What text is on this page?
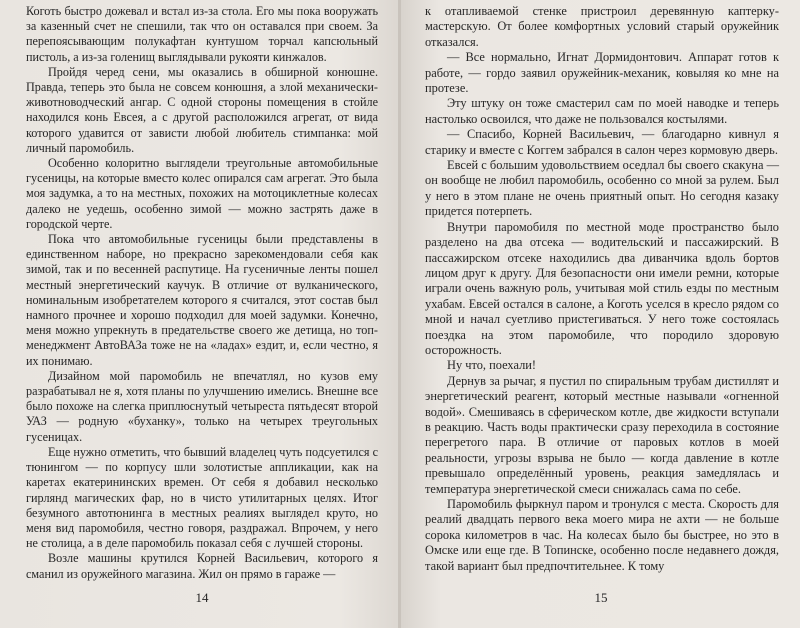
Коготь быстро дожевал и встал из-за стола. Его мы пока вооружать за казенный счет не спешили, так что он оставался при своем. За перепоясывающим полукафтан кунтушом торчал капсюльный пистоль, а из-за голенищ выглядывали рукояти кинжалов.

Пройдя черед сени, мы оказались в обширной конюшне. Правда, теперь это была не совсем конюшня, а злой механически-животноводческий ангар. С одной стороны помещения в стойле находился конь Евсея, а с другой расположился агрегат, от вида которого удавится от зависти любой любитель стимпанка: мой личный паромобиль.

Особенно колоритно выглядели треугольные автомобильные гусеницы, на которые вместо колес опирался сам агрегат. Это была моя задумка, а то на местных, похожих на мотоциклетные колесах далеко не уедешь, особенно зимой — можно застрять даже в городской черте.

Пока что автомобильные гусеницы были представлены в единственном наборе, но прекрасно зарекомендовали себя как зимой, так и по весенней распутице. На гусеничные ленты пошел местный энергетический каучук. В отличие от вулканического, номинальным изобретателем которого я считался, этот состав был намного прочнее и хорошо подходил для моей задумки. Конечно, меня можно упрекнуть в предательстве своего же детища, но топ-менеджмент АвтоВАЗа тоже не на «ладах» ездит, и, если честно, я их понимаю.

Дизайном мой паромобиль не впечатлял, но кузов ему разрабатывал не я, хотя планы по улучшению имелись. Внешне все было похоже на слегка приплюснутый четыреста пятьдесят второй УАЗ — родную «буханку», только на четырех треугольных гусеницах.

Еще нужно отметить, что бывший владелец чуть подсуетился с тюнингом — по корпусу шли золотистые аппликации, как на каретах екатерининских времен. От себя я добавил несколько гирлянд магических фар, но в чисто утилитарных целях. Итог безумного автотюнинга в местных реалиях выглядел круто, но меня вид паромобиля, честно говоря, раздражал. Впрочем, у него не столица, а в деле паромобиль показал себя с лучшей стороны.

Возле машины крутился Корней Васильевич, которого я сманил из оружейного магазина. Жил он прямо в гараже —

14

к отапливаемой стенке пристроил деревянную каптерку-мастерскую. От более комфортных условий старый оружейник отказался.

— Все нормально, Игнат Дормидонтович. Аппарат готов к работе, — гордо заявил оружейник-механик, ковыляя ко мне на протезе.

Эту штуку он тоже смастерил сам по моей наводке и теперь настолько освоился, что даже не пользовался костылями.

— Спасибо, Корней Васильевич, — благодарно кивнул я старику и вместе с Коггем забрался в салон через кормовую дверь.

Евсей с большим удовольствием оседлал бы своего скакуна — он вообще не любил паромобиль, особенно со мной за рулем. Был у него в этом плане не очень приятный опыт. Но сегодня казаку придется потерпеть.

Внутри паромобиля по местной моде пространство было разделено на два отсека — водительский и пассажирский. В пассажирском отсеке находились два диванчика вдоль бортов лицом друг к другу. Для безопасности они имели ремни, которые играли очень важную роль, учитывая мой стиль езды по местным ухабам. Евсей остался в салоне, а Коготь уселся в кресло рядом со мной и начал суетливо пристегиваться. У него тоже состоялась поездка на этом паромобиле, что породило здоровую осторожность.

Ну что, поехали!

Дернув за рычаг, я пустил по спиральным трубам дистиллят и энергетический реагент, который местные называли «огненной водой». Смешиваясь в сферическом котле, две жидкости вступали в реакцию. Часть воды практически сразу переходила в состояние перегретого пара. В отличие от паровых котлов в моей реальности, угрозы взрыва не было — когда давление в котле превышало определённый уровень, реакция замедлялась и температура энергетической смеси снижалась сама по себе.

Паромобиль фыркнул паром и тронулся с места. Скорость для реалий двадцать первого века моего мира не ахти — не больше сорока километров в час. На колесах было бы быстрее, но это в Омске или еще где. В Топинске, особенно после недавнего дождя, такой вариант был предпочтительнее. К тому

15
